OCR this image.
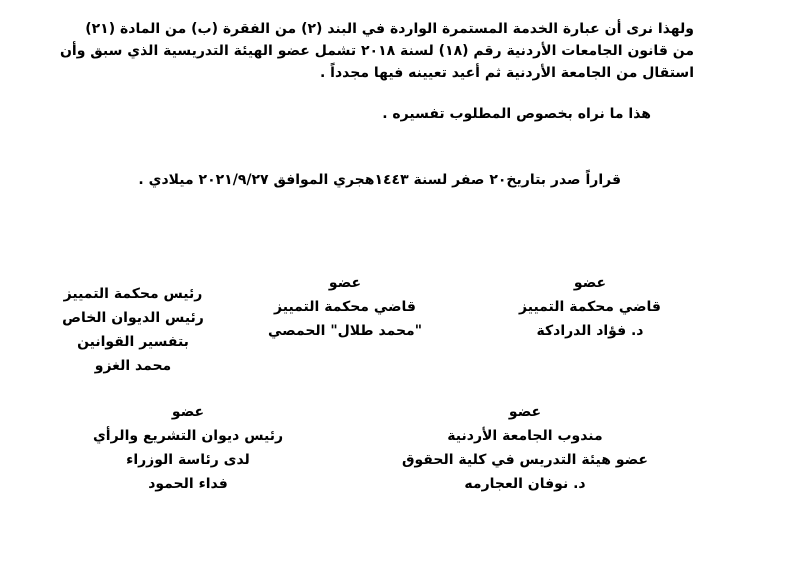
ولهذا نرى أن عبارة الخدمة المستمرة الواردة في البند (٢) من الفقرة (ب) من المادة (٢١)

من قانون الجامعات الأردنية رقم (١٨) لسنة ٢٠١٨ تشمل عضو الهيئة التدريسية الذي سبق وأن

استقال من الجامعة الأردنية ثم أعيد تعيينه فيها مجدداً .

هذا ما نراه بخصوص المطلوب تفسيره .
قراراً صدر بتاريخ٢٠ صفر لسنة ١٤٤٣هجري الموافق ٢٠٢١/٩/٢٧ ميلادي .
عضو
قاضي محكمة التمييز
د. فؤاد الدرادكة
عضو
قاضي محكمة التمييز
"محمد طلال" الحمصي
رئيس محكمة التمييز
رئيس الديوان الخاص
بتفسير القوانين
محمد الغزو
عضو
مندوب الجامعة الأردنية
عضو هيئة التدريس في كلية الحقوق
د. نوفان العجارمه
عضو
رئيس ديوان التشريع والرأي
لدى رئاسة الوزراء
فداء الحمود
